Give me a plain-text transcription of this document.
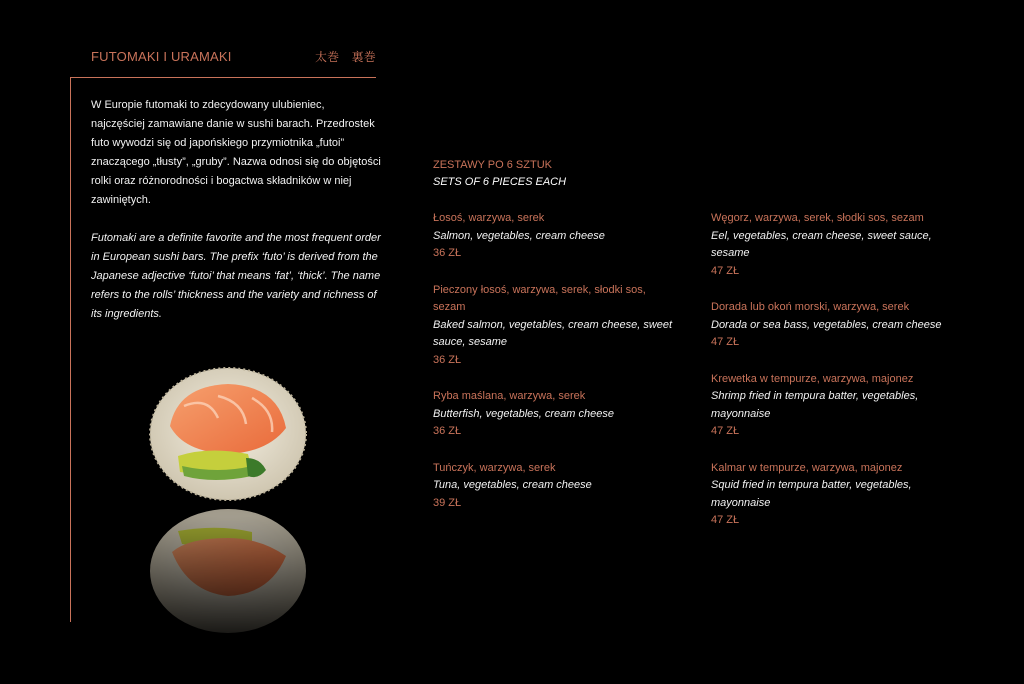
FUTOMAKI I URAMAKI	太巻　裏巻

W Europie futomaki to zdecydowany ulubieniec, najczęściej zamawiane danie w sushi barach. Przedrostek futo wywodzi się od japońskiego przymiotnika „futoi” znaczącego „tłusty”, „gruby”. Nazwa odnosi się do objętości rolki oraz różnorodności i bogactwa składników w niej zawiniętych.

Futomaki are a definite favorite and the most frequent order in European sushi bars. The prefix ‘futo’ is derived from the Japanese adjective ‘futoi’ that means ‘fat’, ‘thick’. The name refers to the rolls’ thickness and the variety and richness of its ingredients.

ZESTAWY PO 6 SZTUK
SETS OF 6 PIECES EACH
Łosoś, warzywa, serek
Salmon, vegetables, cream cheese
36 ZŁ
Pieczony łosoś, warzywa, serek, słodki sos, sezam
Baked salmon, vegetables, cream cheese, sweet sauce, sesame
36 ZŁ
Ryba maślana, warzywa, serek
Butterfish, vegetables, cream cheese
36 ZŁ
Tuńczyk, warzywa, serek
Tuna, vegetables, cream cheese
39 ZŁ
Węgorz, warzywa, serek, słodki sos, sezam
Eel, vegetables, cream cheese, sweet sauce, sesame
47 ZŁ
Dorada lub okoń morski, warzywa, serek
Dorada or sea bass, vegetables, cream cheese
47 ZŁ
Krewetka w tempurze, warzywa, majonez
Shrimp fried in tempura batter, vegetables, mayonnaise
47 ZŁ
Kalmar w tempurze, warzywa, majonez
Squid fried in tempura batter, vegetables, mayonnaise
47 ZŁ
